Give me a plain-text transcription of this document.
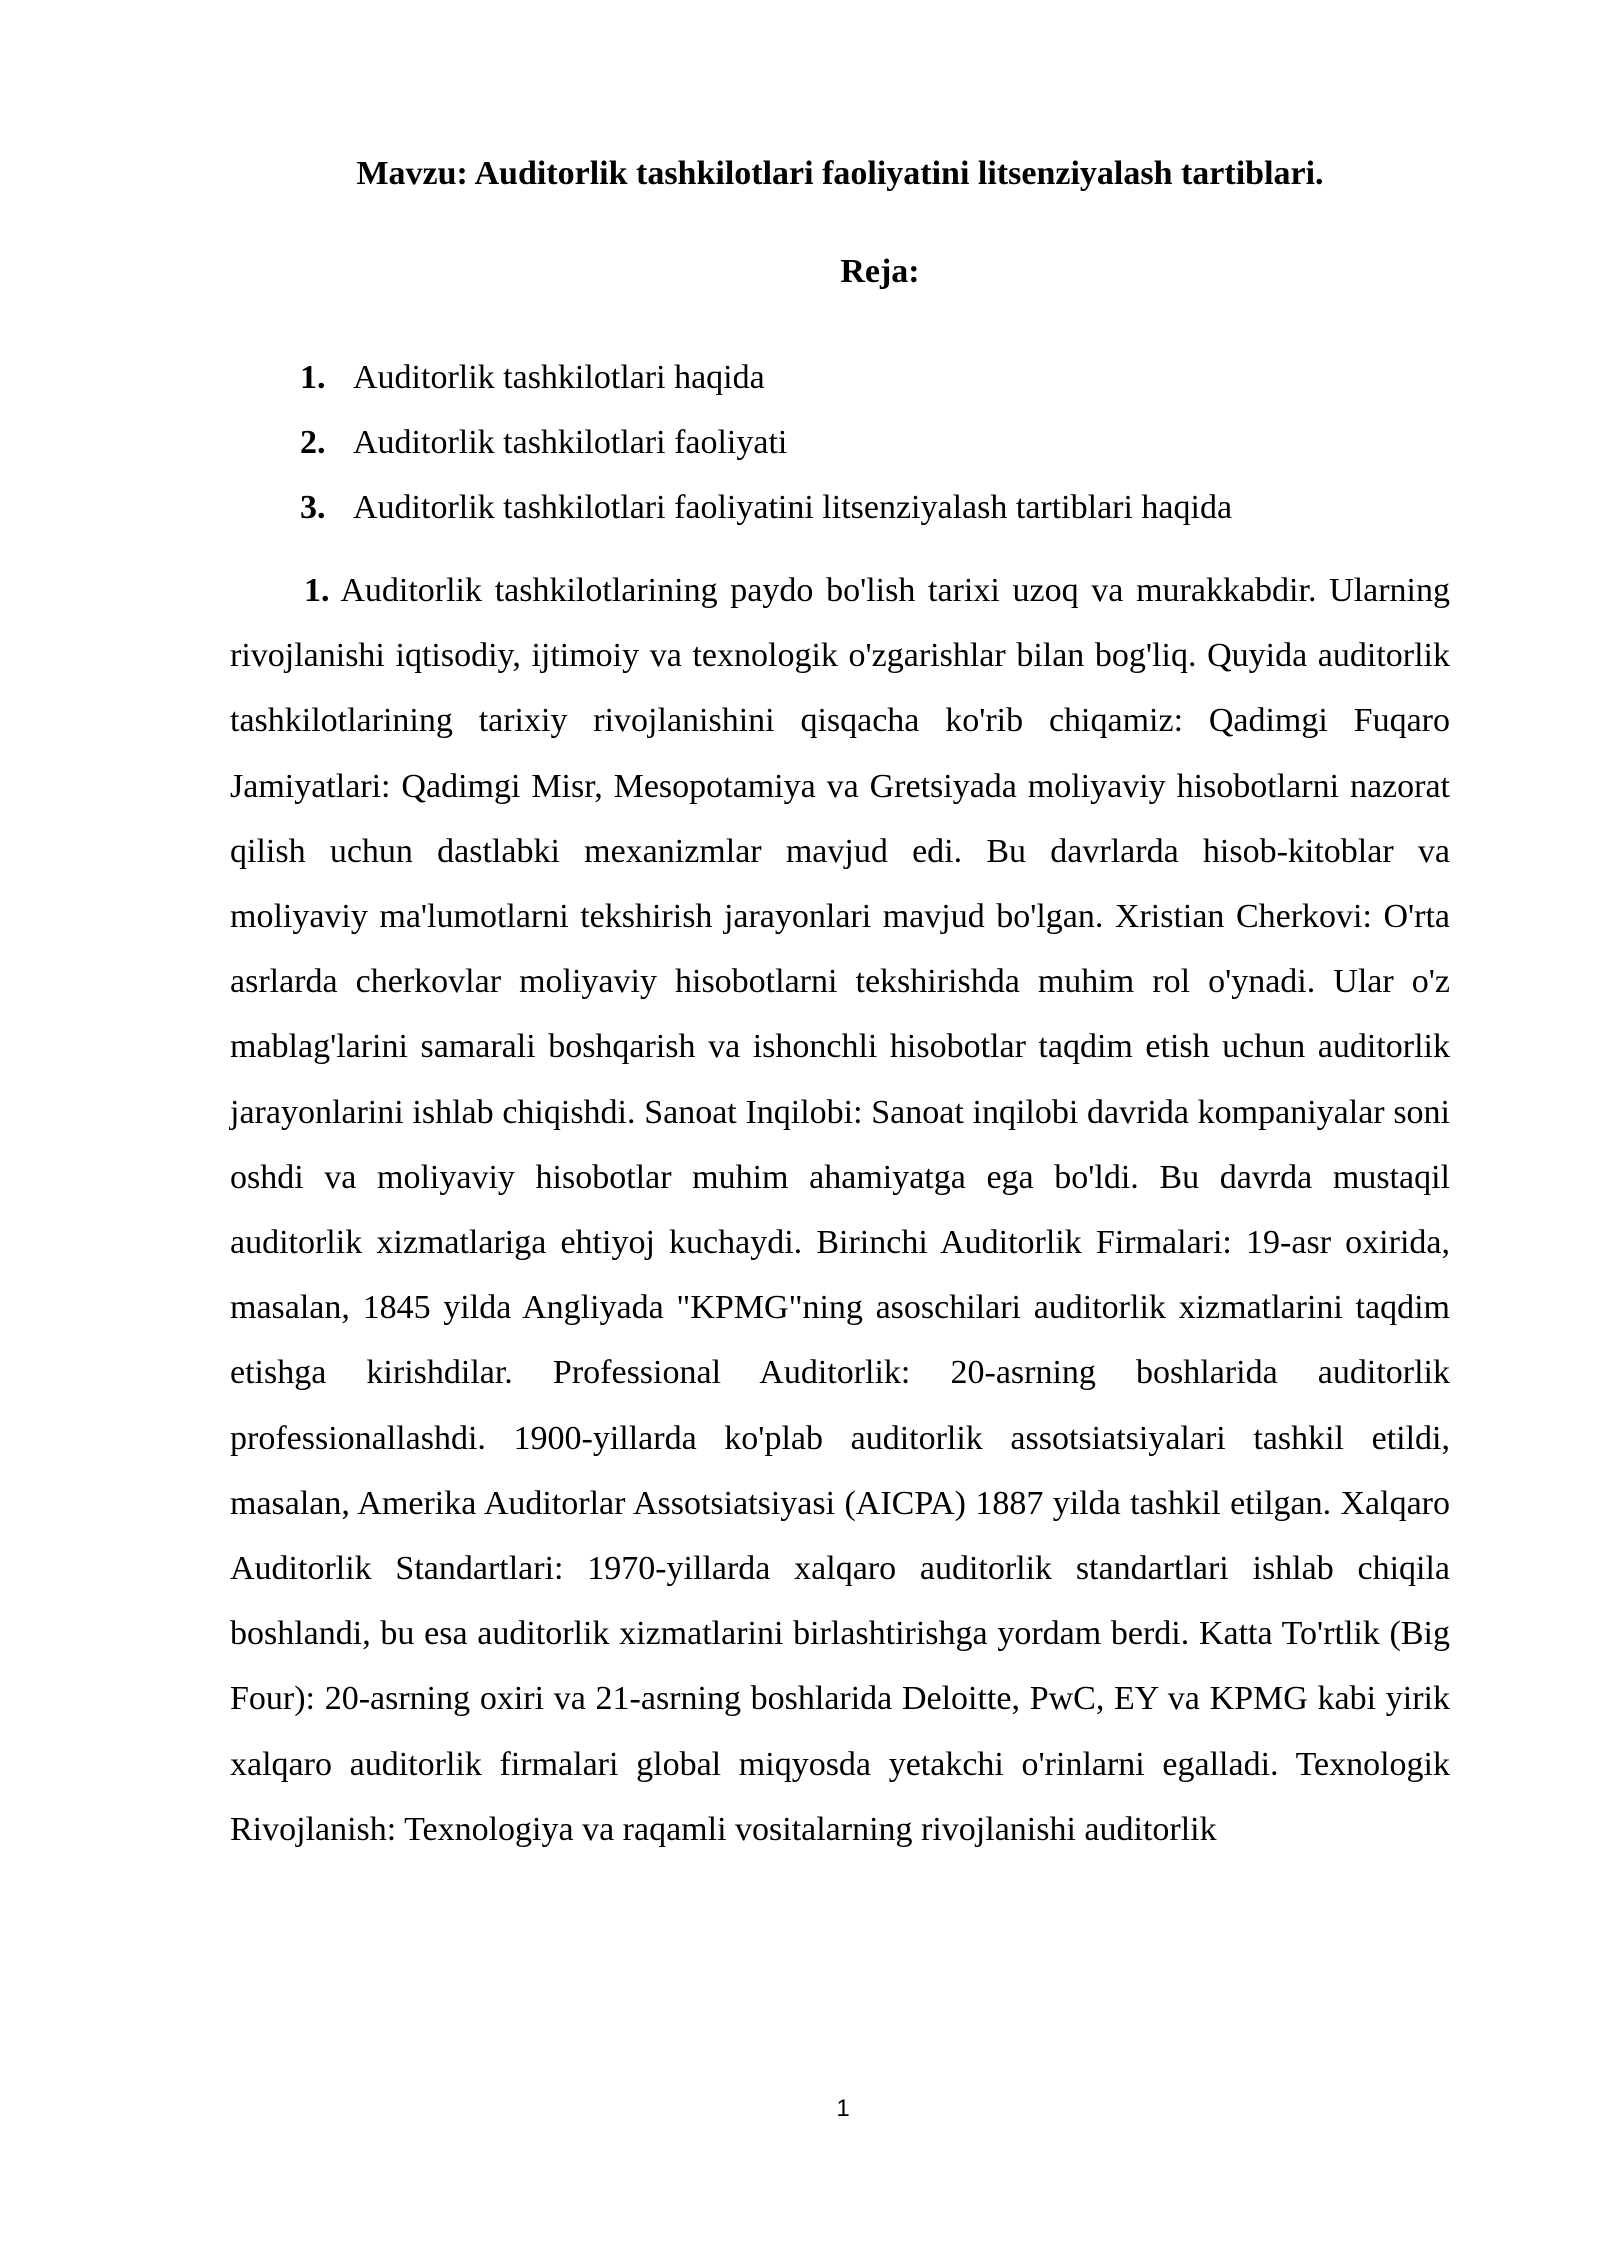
Mavzu: Auditorlik tashkilotlari faoliyatini litsenziyalash tartiblari.
Reja:
1. Auditorlik tashkilotlari haqida
2. Auditorlik tashkilotlari faoliyati
3. Auditorlik tashkilotlari faoliyatini litsenziyalash tartiblari haqida

1. Auditorlik tashkilotlarining paydo bo'lish tarixi uzoq va murakkabdir. Ularning rivojlanishi iqtisodiy, ijtimoiy va texnologik o'zgarishlar bilan bog'liq. Quyida auditorlik tashkilotlarining tarixiy rivojlanishini qisqacha ko'rib chiqamiz: Qadimgi Fuqaro Jamiyatlari: Qadimgi Misr, Mesopotamiya va Gretsiyada moliyaviy hisobotlarni nazorat qilish uchun dastlabki mexanizmlar mavjud edi. Bu davrlarda hisob-kitoblar va moliyaviy ma'lumotlarni tekshirish jarayonlari mavjud bo'lgan. Xristian Cherkovi: O'rta asrlarda cherkovlar moliyaviy hisobotlarni tekshirishda muhim rol o'ynadi. Ular o'z mablag'larini samarali boshqarish va ishonchli hisobotlar taqdim etish uchun auditorlik jarayonlarini ishlab chiqishdi. Sanoat Inqilobi: Sanoat inqilobi davrida kompaniyalar soni oshdi va moliyaviy hisobotlar muhim ahamiyatga ega bo'ldi. Bu davrda mustaqil auditorlik xizmatlariga ehtiyoj kuchaydi. Birinchi Auditorlik Firmalari: 19-asr oxirida, masalan, 1845 yilda Angliyada "KPMG"ning asoschilari auditorlik xizmatlarini taqdim etishga kirishdilar. Professional Auditorlik: 20-asrning boshlarida auditorlik professionallashdi. 1900-yillarda ko'plab auditorlik assotsiatsiyalari tashkil etildi, masalan, Amerika Auditorlar Assotsiatsiyasi (AICPA) 1887 yilda tashkil etilgan. Xalqaro Auditorlik Standartlari: 1970-yillarda xalqaro auditorlik standartlari ishlab chiqila boshlandi, bu esa auditorlik xizmatlarini birlashtirishga yordam berdi. Katta To'rtlik (Big Four): 20-asrning oxiri va 21-asrning boshlarida Deloitte, PwC, EY va KPMG kabi yirik xalqaro auditorlik firmalari global miqyosda yetakchi o'rinlarni egalladi. Texnologik Rivojlanish: Texnologiya va raqamli vositalarning rivojlanishi auditorlik

1
